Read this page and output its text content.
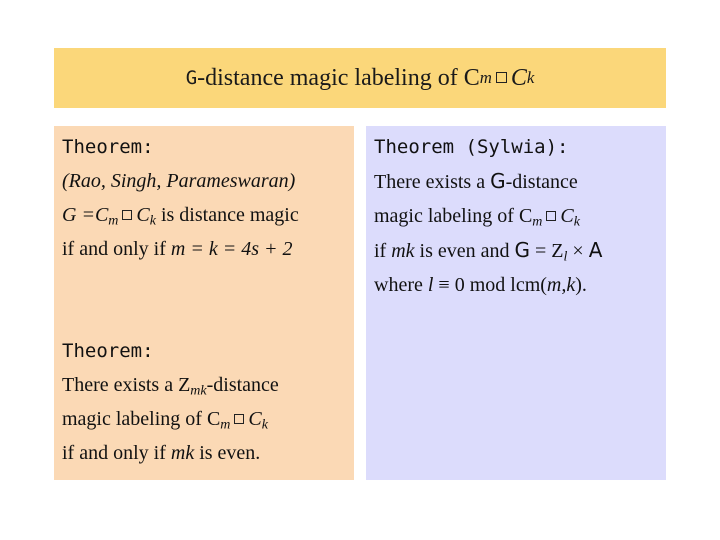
G -distance magic labeling of C m C k
Theorem:
(Rao, Singh, Parameswaran)
$G =C_m$ $C_k$ is distance magic
if and only if m = k = 4s + 2
Theorem:
There exists a $Z_{mk}$-distance
magic labeling of $C_m$ $C_k$
if and only if mk is even.
Theorem (Sylwia):
There exists a G-distance
magic labeling of $C_m$ $C_k$
if mk is even and $G = Z_l \times A$
where l ≡ 0 mod lcm(m,k).
